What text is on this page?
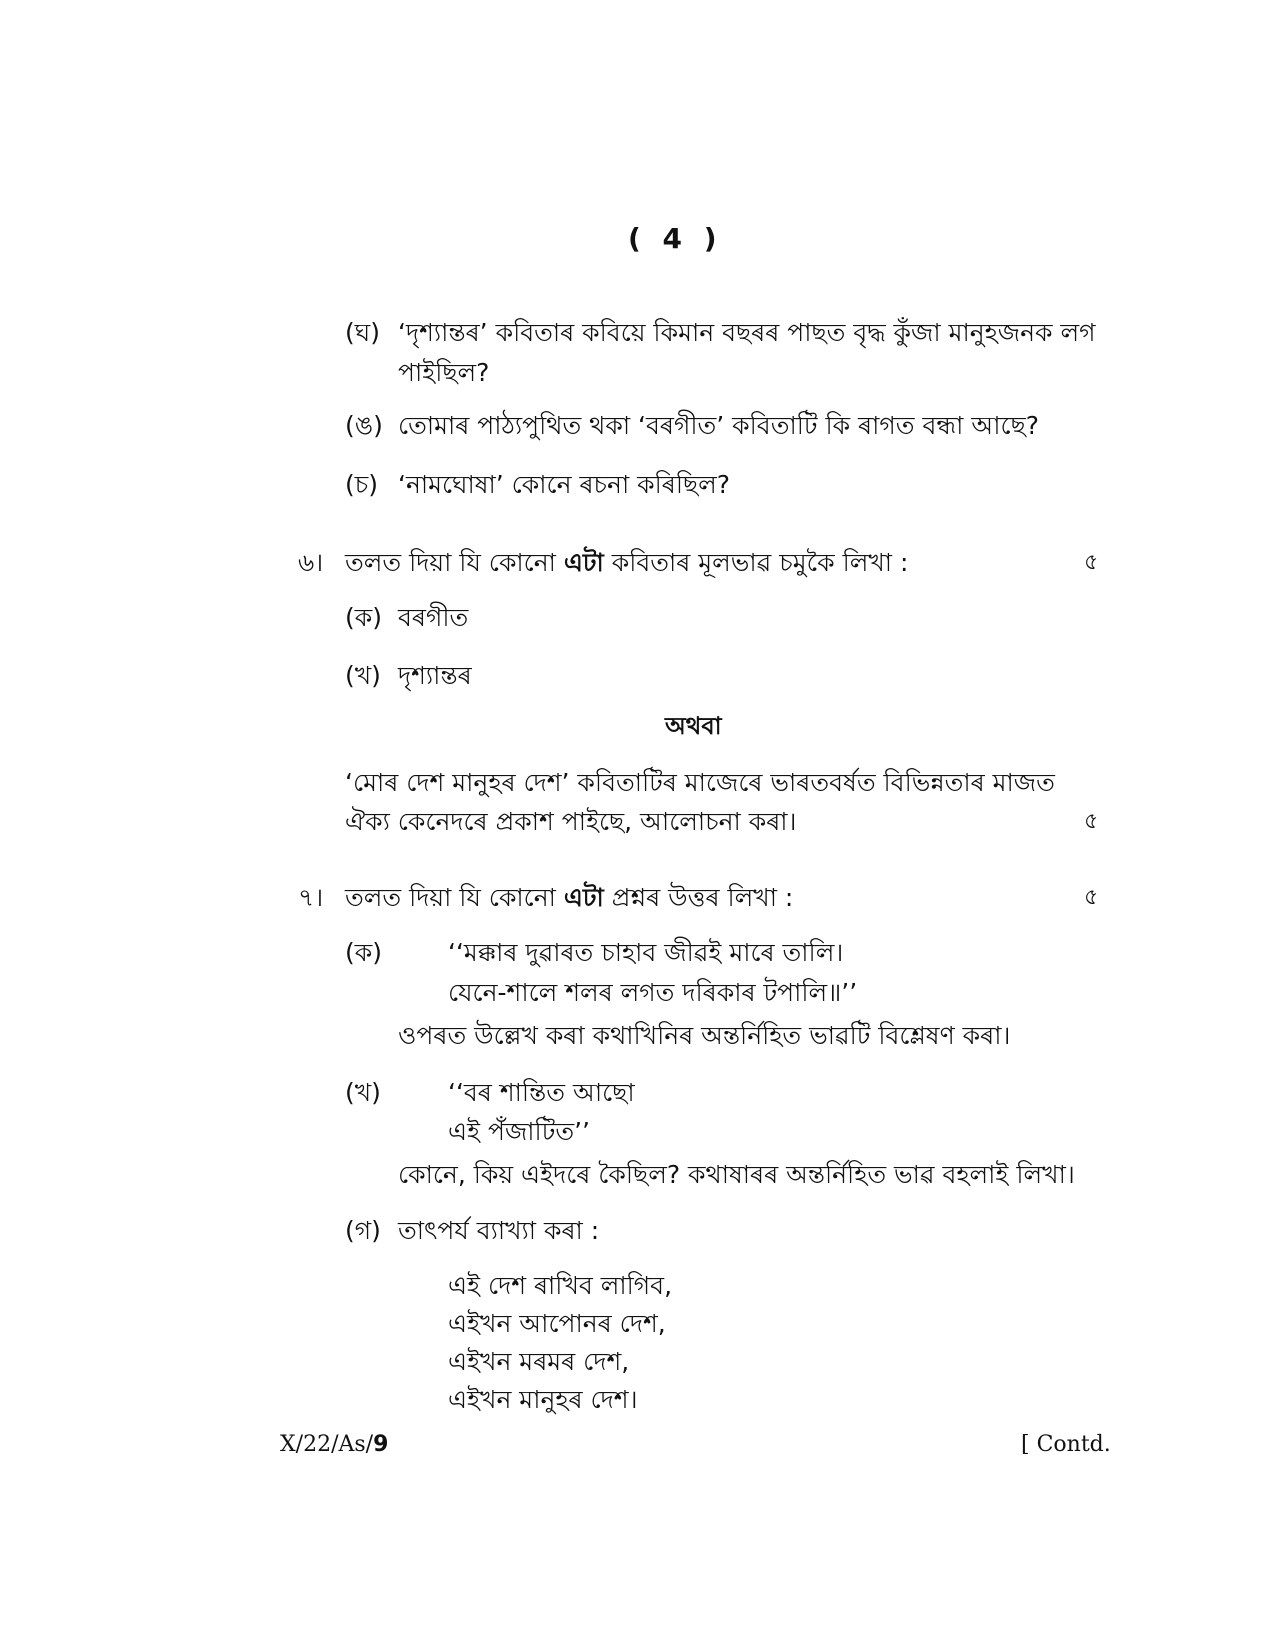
( 4 )
(ঘ) ‘দৃশ্যান্তৰ’ কবিতাৰ কবিয়ে কিমান বছৰৰ পাছত বৃদ্ধ কুঁজা মানুহজনক লগ
পাইছিল?
(ঙ) তোমাৰ পাঠ্যপুথিত থকা ‘বৰগীত’ কবিতাটি কি ৰাগত বন্ধা আছে?
(চ) ‘নামঘোষা’ কোনে ৰচনা কৰিছিল?
৬। তলত দিয়া যি কোনো এটা কবিতাৰ মূলভাৱ চমুকৈ লিখা :	৫
(ক) বৰগীত
(খ) দৃশ্যান্তৰ
অথবা
‘মোৰ দেশ মানুহৰ দেশ’ কবিতাটিৰ মাজেৰে ভাৰতবৰ্ষত বিভিন্নতাৰ মাজত
ঐক্য কেনেদৰে প্ৰকাশ পাইছে, আলোচনা কৰা।	৫
৭। তলত দিয়া যি কোনো এটা প্ৰশ্নৰ উত্তৰ লিখা :	৫
(ক)	‘‘মক্কাৰ দুৱাৰত চাহাব জীৱই মাৰে তালি।
যেনে-শালে শলৰ লগত দৰিকাৰ টপালি॥’’
ওপৰত উল্লেখ কৰা কথাখিনিৰ অন্তৰ্নিহিত ভাৱটি বিশ্লেষণ কৰা।
(খ)	‘‘বৰ শান্তিত আছো
এই পঁজাটিত’’
কোনে, কিয় এইদৰে কৈছিল? কথাষাৰৰ অন্তৰ্নিহিত ভাৱ বহলাই লিখা।
(গ) তাৎপৰ্য ব্যাখ্যা কৰা :
এই দেশ ৰাখিব লাগিব,
এইখন আপোনৰ দেশ,
এইখন মৰমৰ দেশ,
এইখন মানুহৰ দেশ।
X/22/As/9	[ Contd.
